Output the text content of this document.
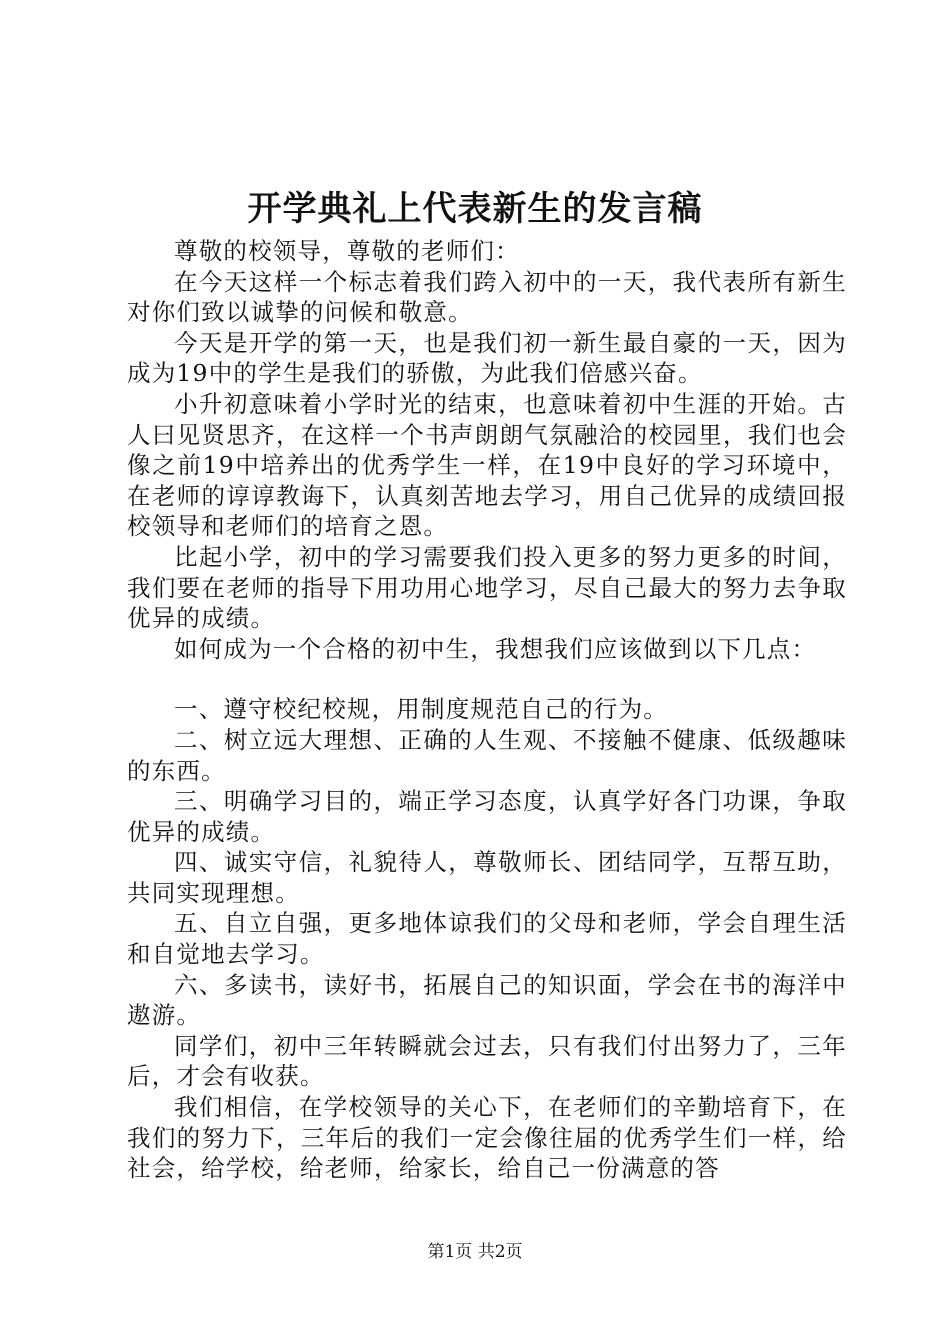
开学典礼上代表新生的发言稿

尊敬的校领导，尊敬的老师们：

在今天这样一个标志着我们跨入初中的一天，我代表所有新生对你们致以诚挚的问候和敬意。

今天是开学的第一天，也是我们初一新生最自豪的一天，因为成为19中的学生是我们的骄傲，为此我们倍感兴奋。

小升初意味着小学时光的结束，也意味着初中生涯的开始。古人曰见贤思齐，在这样一个书声朗朗气氛融洽的校园里，我们也会像之前19中培养出的优秀学生一样，在19中良好的学习环境中，在老师的谆谆教诲下，认真刻苦地去学习，用自己优异的成绩回报校领导和老师们的培育之恩。

比起小学，初中的学习需要我们投入更多的努力更多的时间，我们要在老师的指导下用功用心地学习，尽自己最大的努力去争取优异的成绩。

如何成为一个合格的初中生，我想我们应该做到以下几点：

一、遵守校纪校规，用制度规范自己的行为。

二、树立远大理想、正确的人生观、不接触不健康、低级趣味的东西。

三、明确学习目的，端正学习态度，认真学好各门功课，争取优异的成绩。

四、诚实守信，礼貌待人，尊敬师长、团结同学，互帮互助，共同实现理想。

五、自立自强，更多地体谅我们的父母和老师，学会自理生活和自觉地去学习。

六、多读书，读好书，拓展自己的知识面，学会在书的海洋中遨游。

同学们，初中三年转瞬就会过去，只有我们付出努力了，三年后，才会有收获。

我们相信，在学校领导的关心下，在老师们的辛勤培育下，在我们的努力下，三年后的我们一定会像往届的优秀学生们一样，给社会，给学校，给老师，给家长，给自己一份满意的答

第1页 共2页
